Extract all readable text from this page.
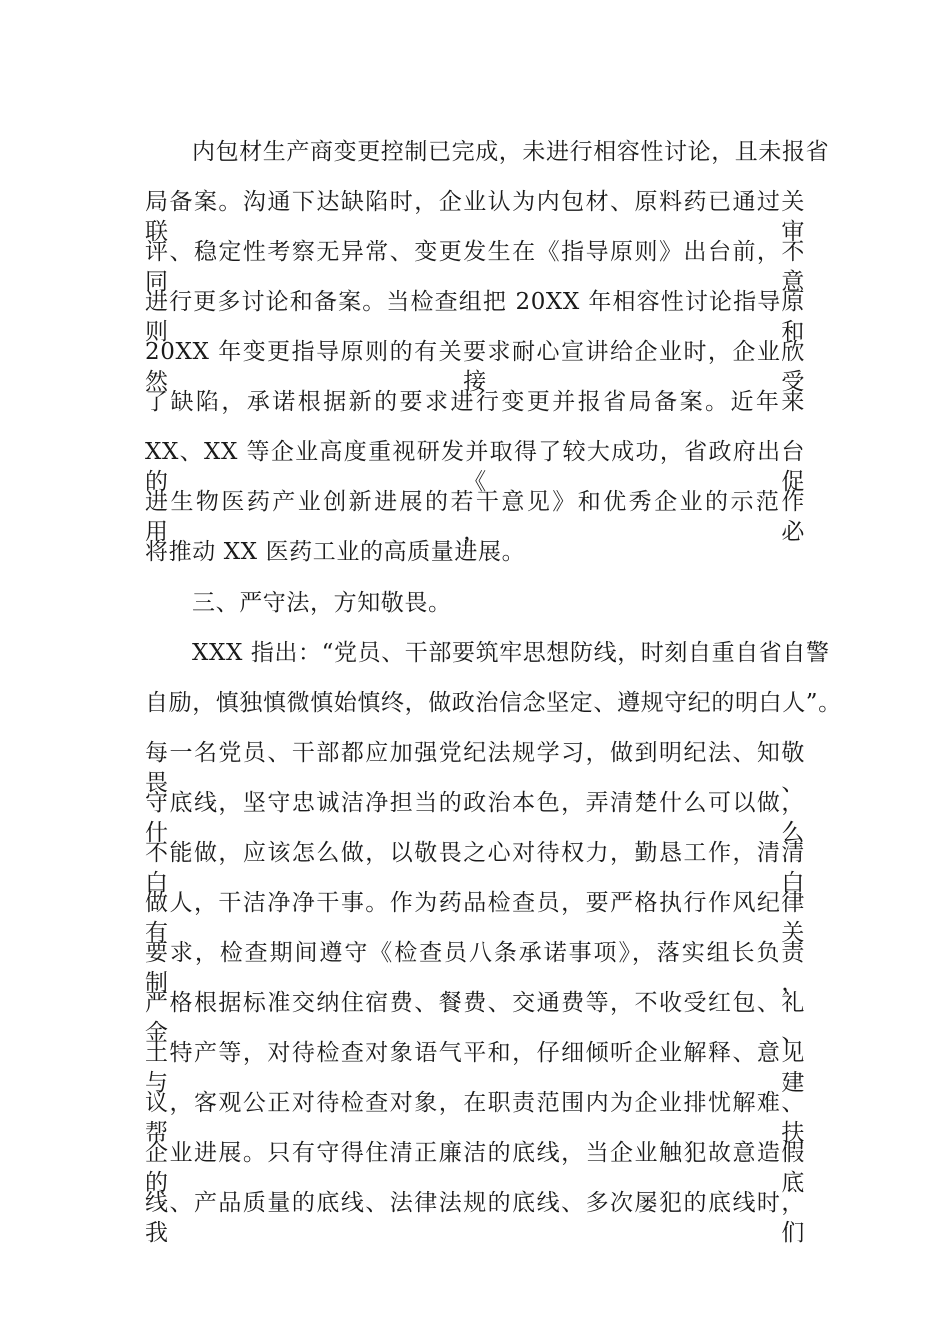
内包材生产商变更控制已完成，未进行相容性讨论，且未报省
局备案。沟通下达缺陷时，企业认为内包材、原料药已通过关联审
评、稳定性考察无异常、变更发生在《指导原则》出台前，不同意
进行更多讨论和备案。当检查组把 20XX 年相容性讨论指导原则和
20XX 年变更指导原则的有关要求耐心宣讲给企业时，企业欣然接受
了缺陷，承诺根据新的要求进行变更并报省局备案。近年来
XX、XX 等企业高度重视研发并取得了较大成功，省政府出台的《促
进生物医药产业创新进展的若干意见》和优秀企业的示范作用，必
将推动 XX 医药工业的高质量进展。
三、严守法，方知敬畏。
XXX 指出：“党员、干部要筑牢思想防线，时刻自重自省自警
自励，慎独慎微慎始慎终，做政治信念坚定、遵规守纪的明白人”。
每一名党员、干部都应加强党纪法规学习，做到明纪法、知敬畏、
守底线，坚守忠诚洁净担当的政治本色，弄清楚什么可以做，什么
不能做，应该怎么做，以敬畏之心对待权力，勤恳工作，清清白白
做人，干洁净净干事。作为药品检查员，要严格执行作风纪律有关
要求，检查期间遵守《检查员八条承诺事项》，落实组长负责制，
严格根据标准交纳住宿费、餐费、交通费等，不收受红包、礼金、
土特产等，对待检查对象语气平和，仔细倾听企业解释、意见与建
议，客观公正对待检查对象，在职责范围内为企业排忧解难、帮扶
企业进展。只有守得住清正廉洁的底线，当企业触犯故意造假的底
线、产品质量的底线、法律法规的底线、多次屡犯的底线时，我们
